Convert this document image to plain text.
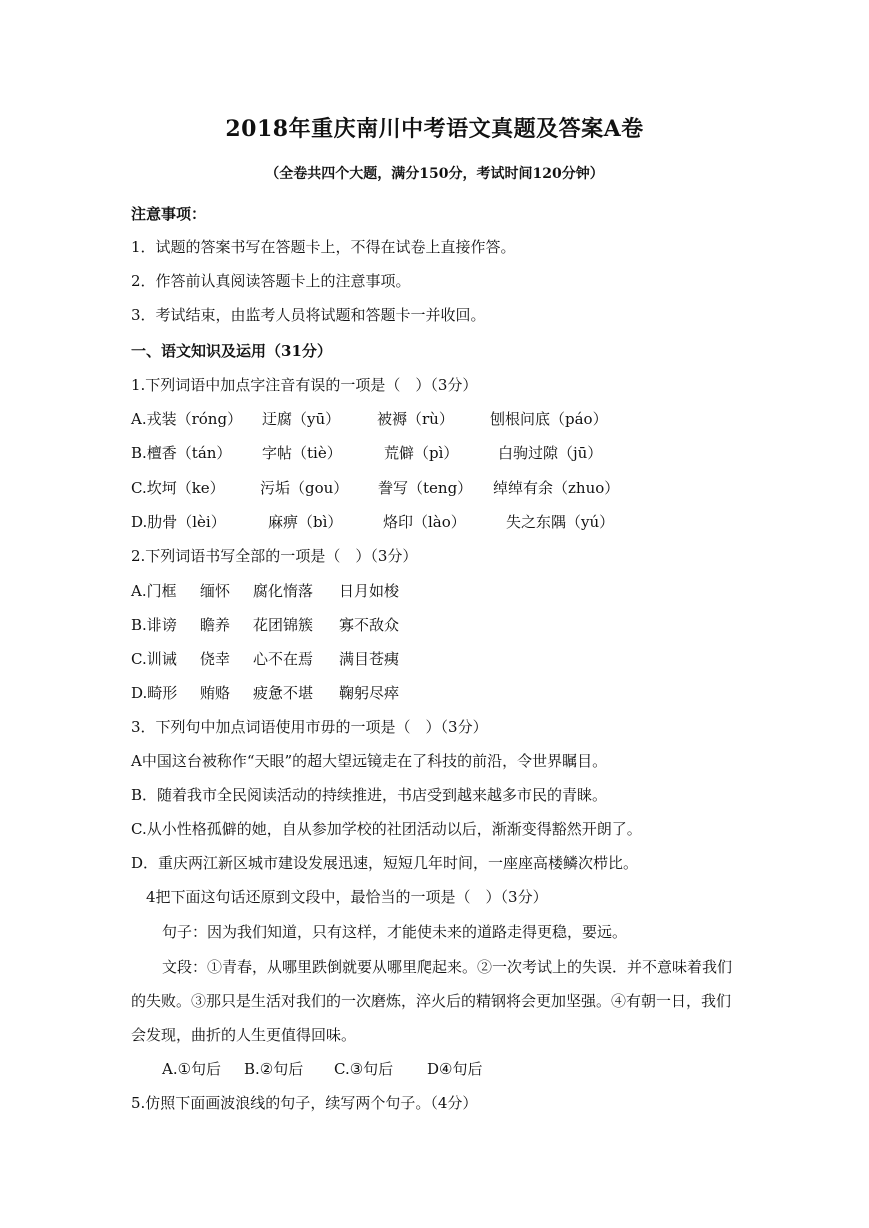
2018年重庆南川中考语文真题及答案A卷
（全卷共四个大题，满分150分，考试时间120分钟）
注意事项：
1．试题的答案书写在答题卡上，不得在试卷上直接作答。
2．作答前认真阅读答题卡上的注意事项。
3．考试结束，由监考人员将试题和答题卡一并收回。
一、语文知识及运用（31分）
1.下列词语中加点字注音有误的一项是（　）（3分）
A.戎装（róng） 迂腐（yū） 被褥（rù） 刨根问底（páo）
B.檀香（tán） 字帖（tiè）	荒僻（pì）	白驹过隙（jū）
C.坎坷（ke） 污垢（gou） 誊写（teng） 绰绰有余（zhuo）
D.肋骨（lèi）	麻痹（bì）	烙印（lào）	失之东隅（yú）
2.下列词语书写全部的一项是（　）（3分）
A.门框 缅怀 腐化惰落 日月如梭
B.诽谤 瞻养 花团锦簇 寡不敌众
C.训诫 侥幸 心不在焉 满目苍痍
D.畸形 贿赂 疲惫不堪 鞠躬尽瘁
3．下列句中加点词语使用市毋的一项是（　）（3分）
A中国这台被称作“天眼”的超大望远镜走在了科技的前沿，令世界瞩目。
B．随着我市全民阅读活动的持续推进，书店受到越来越多市民的青睐。
C.从小性格孤僻的她，自从参加学校的社团活动以后，渐渐变得豁然开朗了。
D．重庆两江新区城市建设发展迅速，短短几年时间，一座座高楼鳞次栉比。
4把下面这句话还原到文段中，最恰当的一项是（　）（3分）
句子：因为我们知道，只有这样，才能使未来的道路走得更稳，要远。
文段：①青春，从哪里跌倒就要从哪里爬起来。②一次考试上的失误．并不意味着我们
的失败。③那只是生活对我们的一次磨炼，淬火后的精钢将会更加坚强。④有朝一日，我们
会发现，曲折的人生更值得回味。
A.①句后 B.②句后 C.③句后 D④句后
5.仿照下面画波浪线的句子，续写两个句子。（4分）
